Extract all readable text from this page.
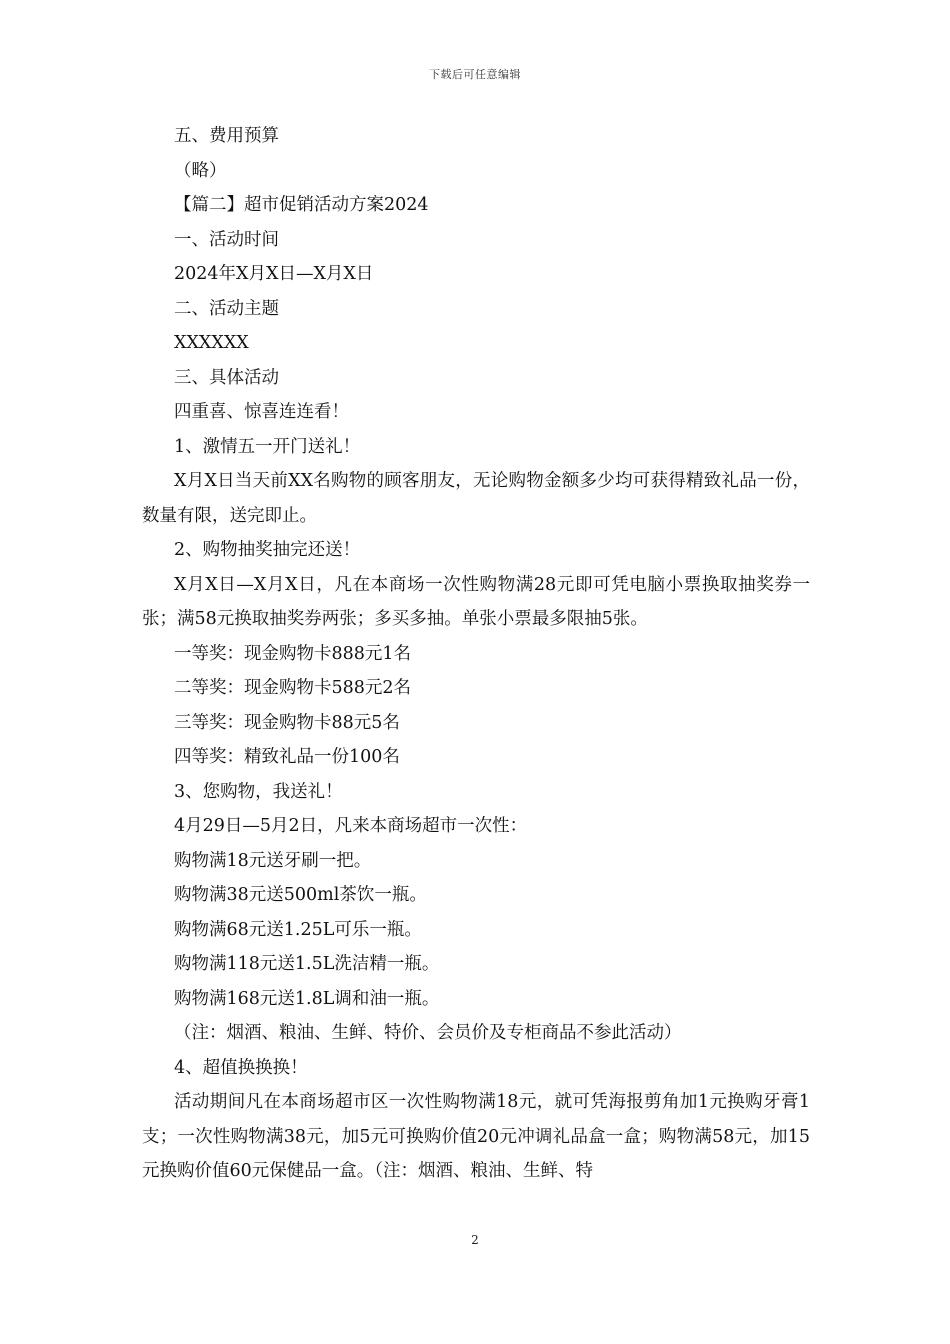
下载后可任意编辑
五、费用预算
（略）
【篇二】超市促销活动方案2024
一、活动时间
2024年X月X日—X月X日
二、活动主题
XXXXXX
三、具体活动
四重喜、惊喜连连看！
1、激情五一开门送礼！
X月X日当天前XX名购物的顾客朋友，无论购物金额多少均可获得精致礼品一份，数量有限，送完即止。
2、购物抽奖抽完还送！
X月X日—X月X日，凡在本商场一次性购物满28元即可凭电脑小票换取抽奖券一张；满58元换取抽奖券两张；多买多抽。单张小票最多限抽5张。
一等奖：现金购物卡888元1名
二等奖：现金购物卡588元2名
三等奖：现金购物卡88元5名
四等奖：精致礼品一份100名
3、您购物，我送礼！
4月29日—5月2日，凡来本商场超市一次性：
购物满18元送牙刷一把。
购物满38元送500ml茶饮一瓶。
购物满68元送1.25L可乐一瓶。
购物满118元送1.5L洗洁精一瓶。
购物满168元送1.8L调和油一瓶。
（注：烟酒、粮油、生鲜、特价、会员价及专柜商品不参此活动）
4、超值换换换！
活动期间凡在本商场超市区一次性购物满18元，就可凭海报剪角加1元换购牙膏1支；一次性购物满38元，加5元可换购价值20元冲调礼品盒一盒；购物满58元，加15元换购价值60元保健品一盒。（注：烟酒、粮油、生鲜、特
2
